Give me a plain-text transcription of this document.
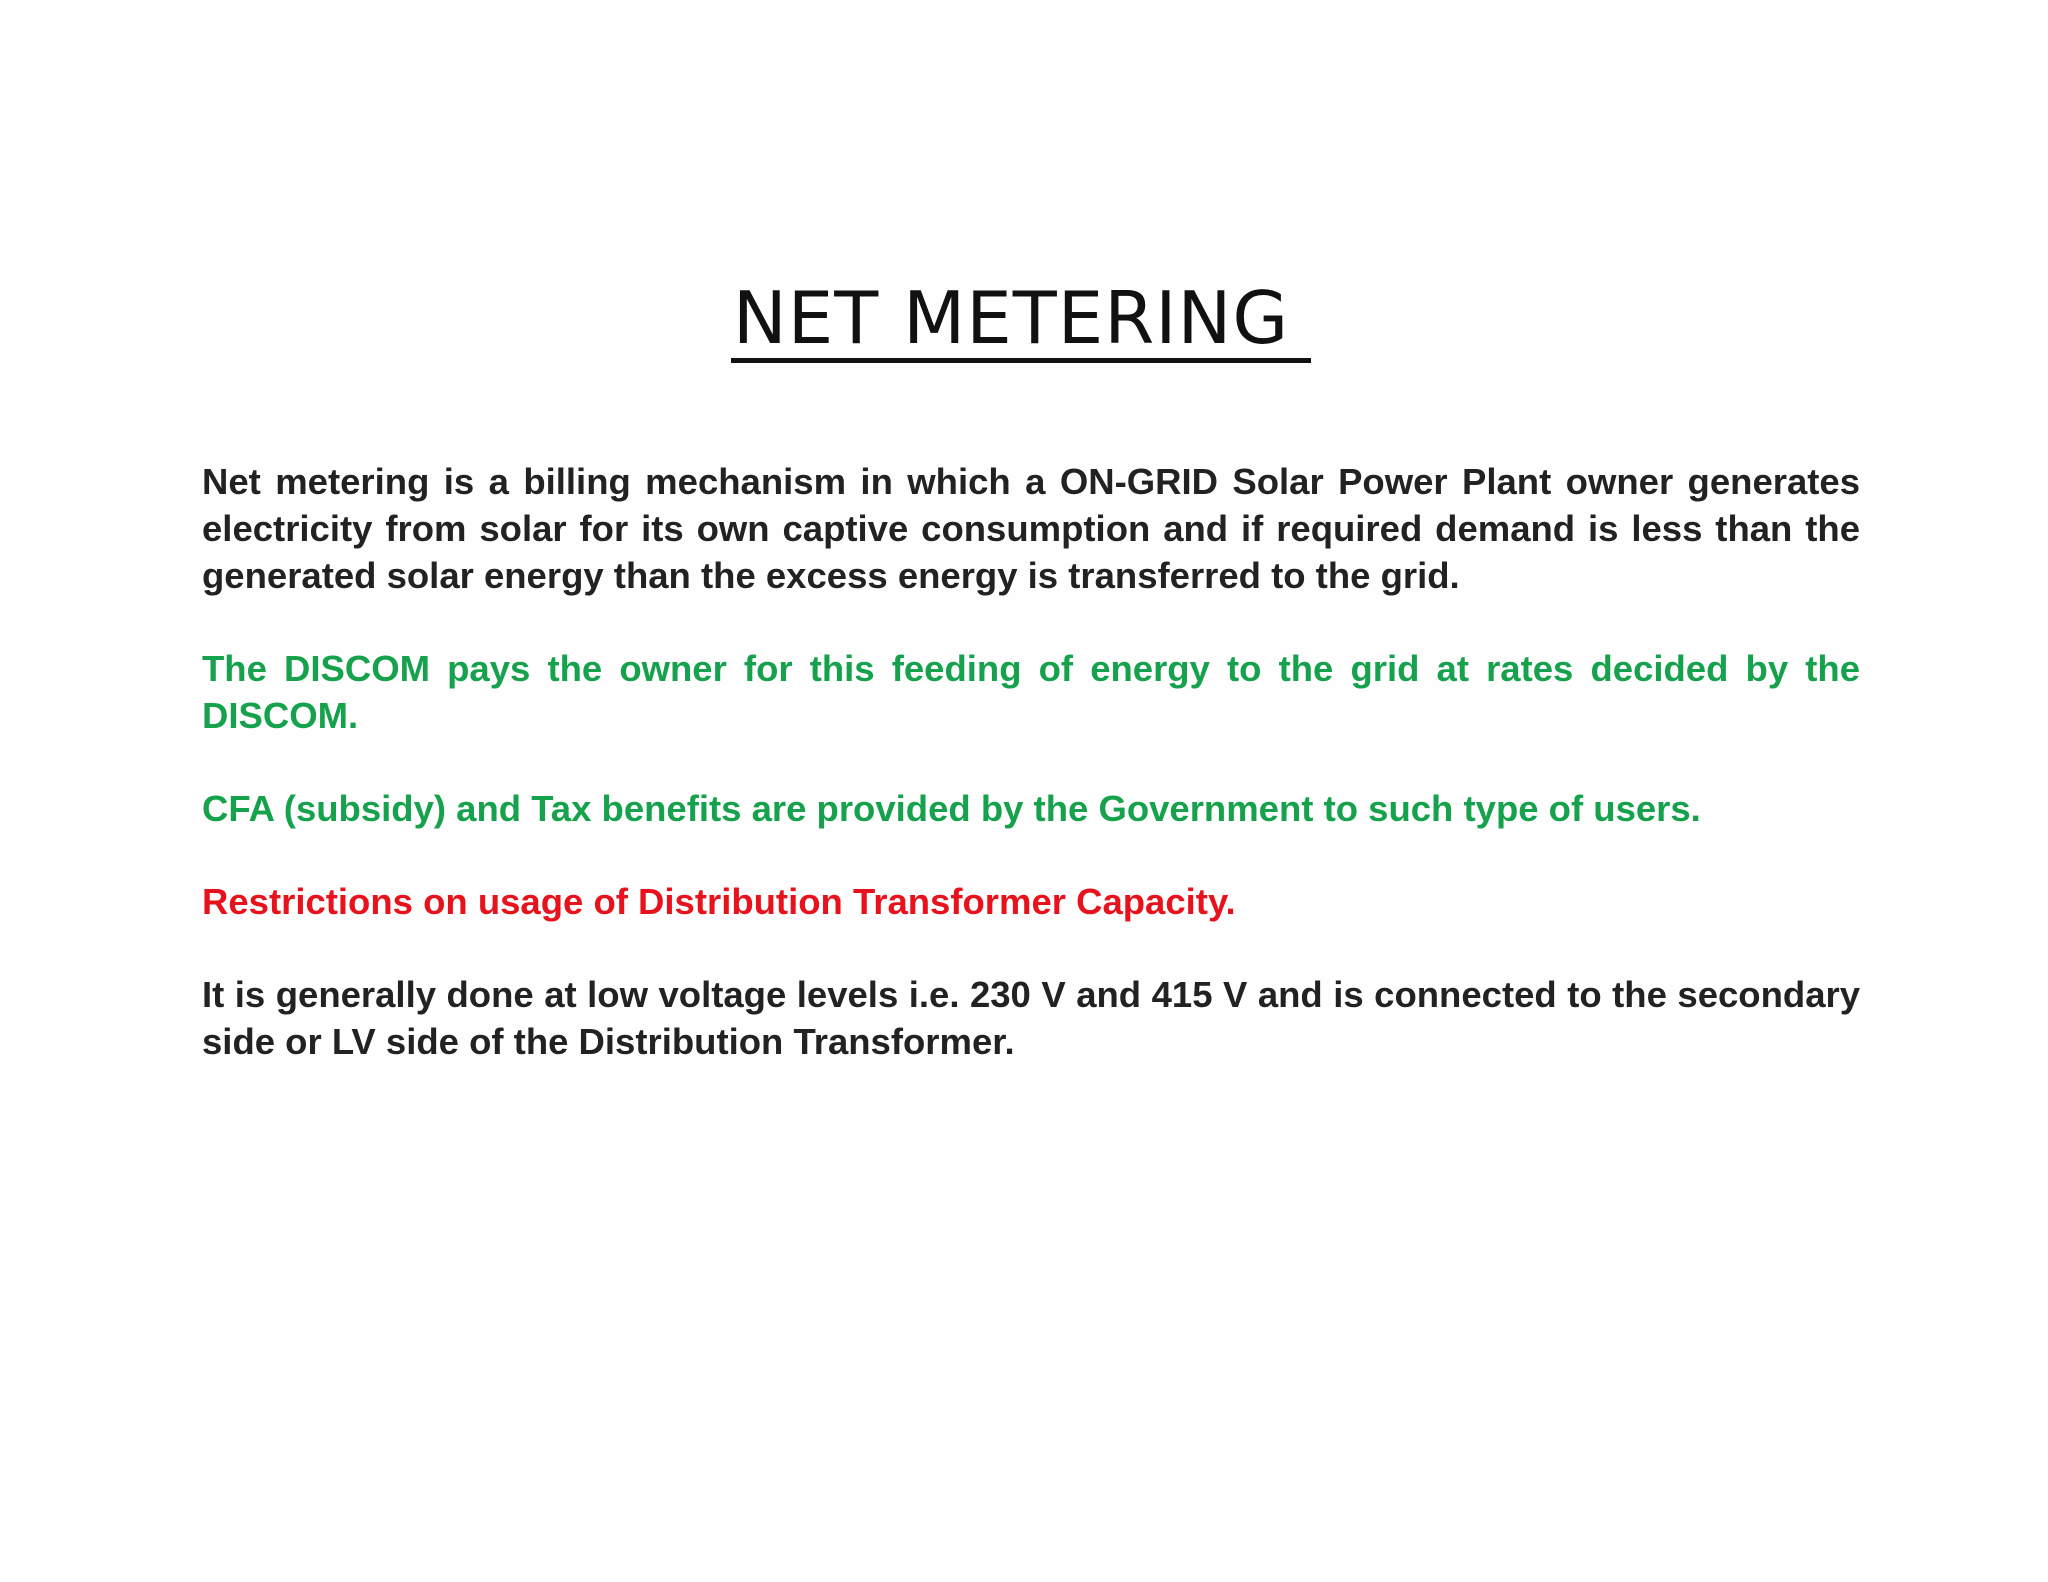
NET METERING

Net metering is a billing mechanism in which a ON-GRID Solar Power Plant owner generates electricity from solar for its own captive consumption and if required demand is less than the generated solar energy than the excess energy is transferred to the grid.

The DISCOM pays the owner for this feeding of energy to the grid at rates decided by the DISCOM.

CFA (subsidy) and Tax benefits are provided by the Government to such type of users.

Restrictions on usage of Distribution Transformer Capacity.

It is generally done at low voltage levels i.e. 230 V and 415 V and is connected to the secondary side or LV side of the Distribution Transformer.
